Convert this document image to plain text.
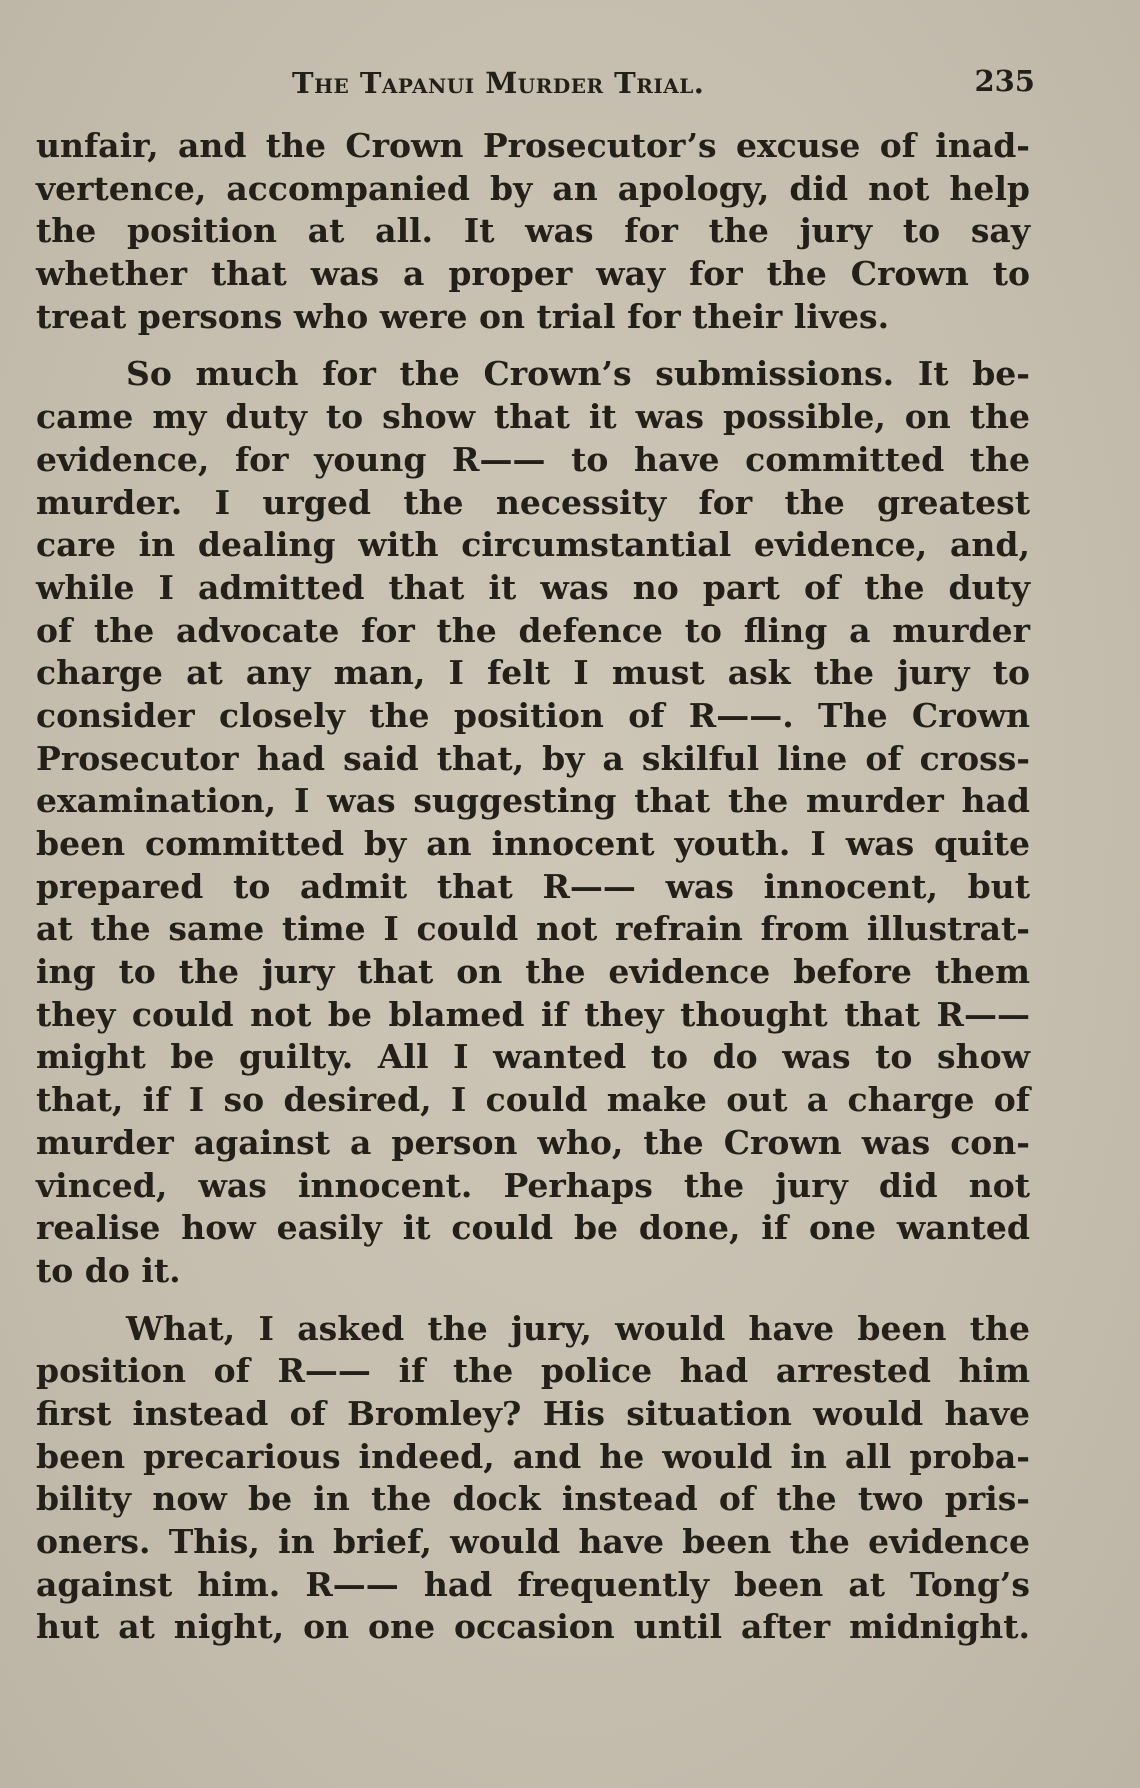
The Tapanui Murder Trial.	235
unfair, and the Crown Prosecutor’s excuse of inad-
vertence, accompanied by an apology, did not help
the position at all. It was for the jury to say
whether that was a proper way for the Crown to
treat persons who were on trial for their lives.
So much for the Crown’s submissions. It be-
came my duty to show that it was possible, on the
evidence, for young R—— to have committed the
murder. I urged the necessity for the greatest
care in dealing with circumstantial evidence, and,
while I admitted that it was no part of the duty
of the advocate for the defence to fling a murder
charge at any man, I felt I must ask the jury to
consider closely the position of R——. The Crown
Prosecutor had said that, by a skilful line of cross-
examination, I was suggesting that the murder had
been committed by an innocent youth. I was quite
prepared to admit that R—— was innocent, but
at the same time I could not refrain from illustrat-
ing to the jury that on the evidence before them
they could not be blamed if they thought that R——
might be guilty. All I wanted to do was to show
that, if I so desired, I could make out a charge of
murder against a person who, the Crown was con-
vinced, was innocent. Perhaps the jury did not
realise how easily it could be done, if one wanted
to do it.
What, I asked the jury, would have been the
position of R—— if the police had arrested him
first instead of Bromley? His situation would have
been precarious indeed, and he would in all proba-
bility now be in the dock instead of the two pris-
oners. This, in brief, would have been the evidence
against him. R—— had frequently been at Tong’s
hut at night, on one occasion until after midnight.
